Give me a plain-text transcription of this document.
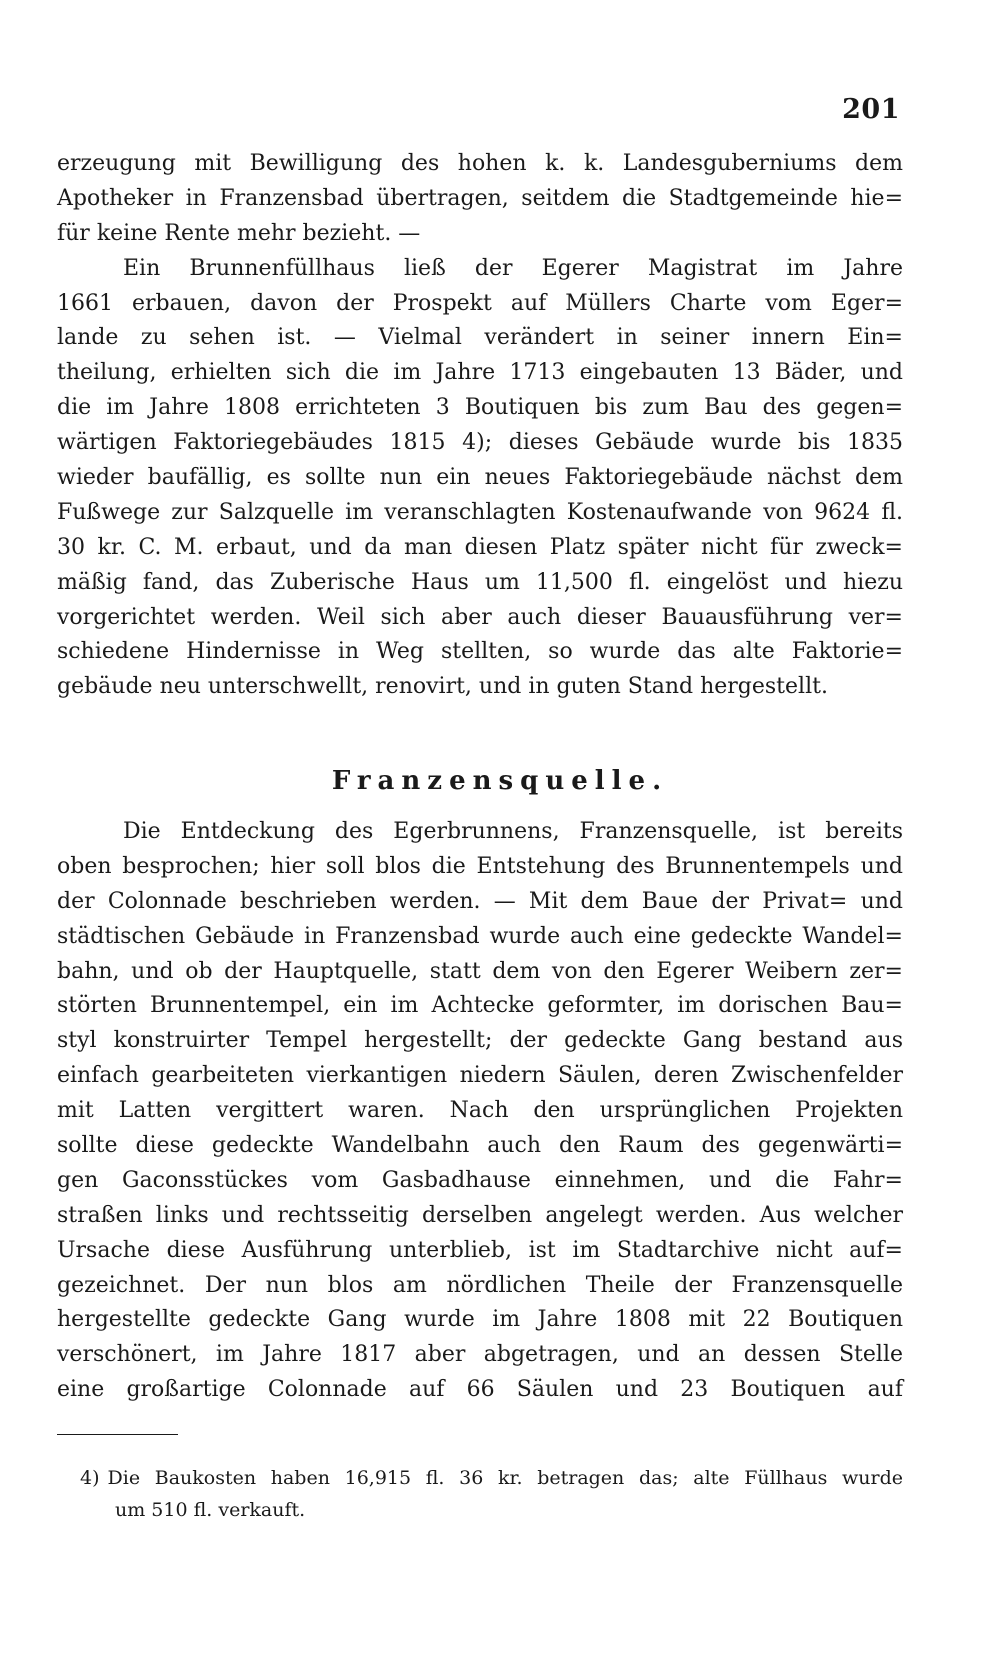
201
erzeugung mit Bewilligung des hohen k. k. Landesguberniums dem
Apotheker in Franzensbad übertragen, seitdem die Stadtgemeinde hie=
für keine Rente mehr bezieht. —
Ein Brunnenfüllhaus ließ der Egerer Magistrat im Jahre
1661 erbauen, davon der Prospekt auf Müllers Charte vom Eger=
lande zu sehen ist. — Vielmal verändert in seiner innern Ein=
theilung, erhielten sich die im Jahre 1713 eingebauten 13 Bäder, und
die im Jahre 1808 errichteten 3 Boutiquen bis zum Bau des gegen=
wärtigen Faktoriegebäudes 1815 4); dieses Gebäude wurde bis 1835
wieder baufällig, es sollte nun ein neues Faktoriegebäude nächst dem
Fußwege zur Salzquelle im veranschlagten Kostenaufwande von 9624 fl.
30 kr. C. M. erbaut, und da man diesen Platz später nicht für zweck=
mäßig fand, das Zuberische Haus um 11,500 fl. eingelöst und hiezu
vorgerichtet werden. Weil sich aber auch dieser Bauausführung ver=
schiedene Hindernisse in Weg stellten, so wurde das alte Faktorie=
gebäude neu unterschwellt, renovirt, und in guten Stand hergestellt.
Franzensquelle.
Die Entdeckung des Egerbrunnens, Franzensquelle, ist bereits
oben besprochen; hier soll blos die Entstehung des Brunnentempels und
der Colonnade beschrieben werden. — Mit dem Baue der Privat= und
städtischen Gebäude in Franzensbad wurde auch eine gedeckte Wandel=
bahn, und ob der Hauptquelle, statt dem von den Egerer Weibern zer=
störten Brunnentempel, ein im Achtecke geformter, im dorischen Bau=
styl konstruirter Tempel hergestellt; der gedeckte Gang bestand aus
einfach gearbeiteten vierkantigen niedern Säulen, deren Zwischenfelder
mit Latten vergittert waren. Nach den ursprünglichen Projekten
sollte diese gedeckte Wandelbahn auch den Raum des gegenwärti=
gen Gaconsstückes vom Gasbadhause einnehmen, und die Fahr=
straßen links und rechtsseitig derselben angelegt werden. Aus welcher
Ursache diese Ausführung unterblieb, ist im Stadtarchive nicht auf=
gezeichnet. Der nun blos am nördlichen Theile der Franzensquelle
hergestellte gedeckte Gang wurde im Jahre 1808 mit 22 Boutiquen
verschönert, im Jahre 1817 aber abgetragen, und an dessen Stelle
eine großartige Colonnade auf 66 Säulen und 23 Boutiquen auf
4) Die Baukosten haben 16,915 fl. 36 kr. betragen das; alte Füllhaus wurde
um 510 fl. verkauft.
